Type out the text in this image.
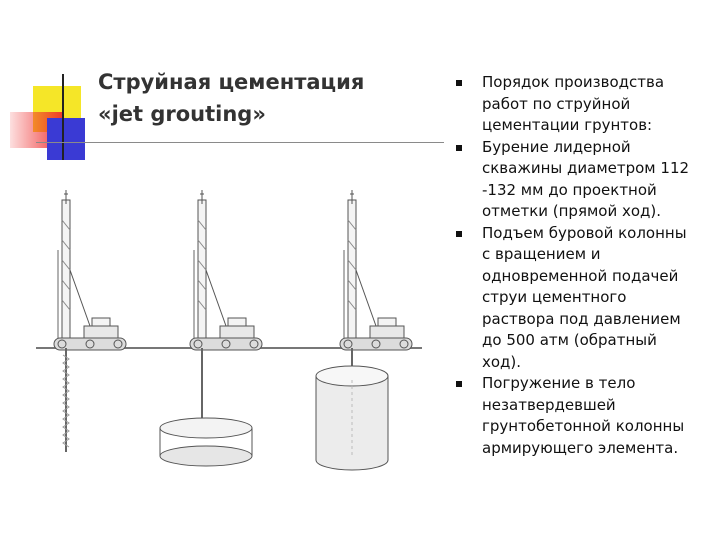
Струйная цементация
«jet grouting»
Порядок производства
работ по струйной
цементации грунтов:
Бурение лидерной
скважины диаметром 112
-132 мм до проектной
отметки (прямой ход).
Подъем буровой колонны
с вращением и
одновременной подачей
струи цементного
раствора под давлением
до 500 атм (обратный
ход).
Погружение в тело
незатвердевшей
грунтобетонной колонны
армирующего элемента.
